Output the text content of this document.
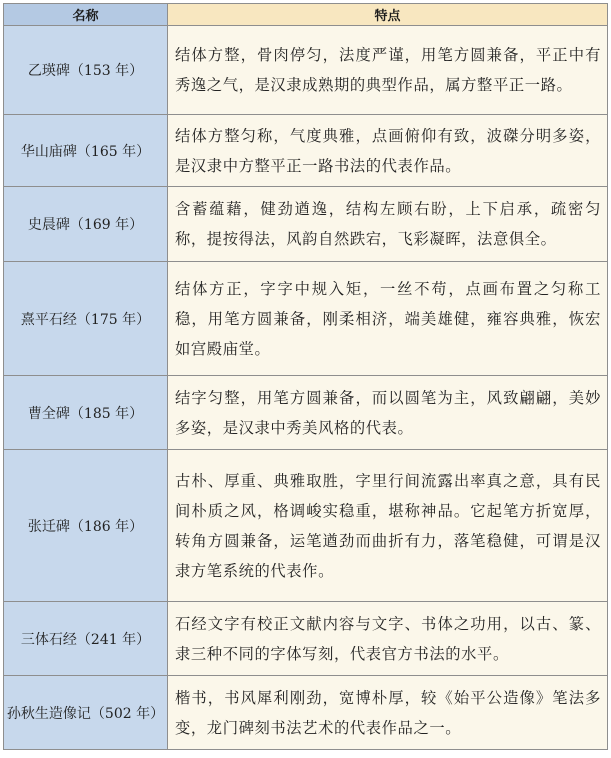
名称	特点
乙瑛碑（153 年）	结体方整，骨肉停匀，法度严谨，用笔方圆兼备，平正中有秀逸之气，是汉隶成熟期的典型作品，属方整平正一路。
华山庙碑（165 年）	结体方整匀称，气度典雅，点画俯仰有致，波磔分明多姿，是汉隶中方整平正一路书法的代表作品。
史晨碑（169 年）	含蓄蕴藉，健劲遒逸，结构左顾右盼，上下启承，疏密匀称，提按得法，风韵自然跌宕，飞彩凝晖，法意俱全。
熹平石经（175 年）	结体方正，字字中规入矩，一丝不苟，点画布置之匀称工稳，用笔方圆兼备，刚柔相济，端美雄健，雍容典雅，恢宏如宫殿庙堂。
曹全碑（185 年）	结字匀整，用笔方圆兼备，而以圆笔为主，风致翩翩，美妙多姿，是汉隶中秀美风格的代表。
张迁碑（186 年）	古朴、厚重、典雅取胜，字里行间流露出率真之意，具有民间朴质之风，格调峻实稳重，堪称神品。它起笔方折宽厚，转角方圆兼备，运笔遒劲而曲折有力，落笔稳健，可谓是汉隶方笔系统的代表作。
三体石经（241 年）	石经文字有校正文献内容与文字、书体之功用，以古、篆、隶三种不同的字体写刻，代表官方书法的水平。
孙秋生造像记（502 年）	楷书，书风犀利刚劲，宽博朴厚，较《始平公造像》笔法多变，龙门碑刻书法艺术的代表作品之一。
